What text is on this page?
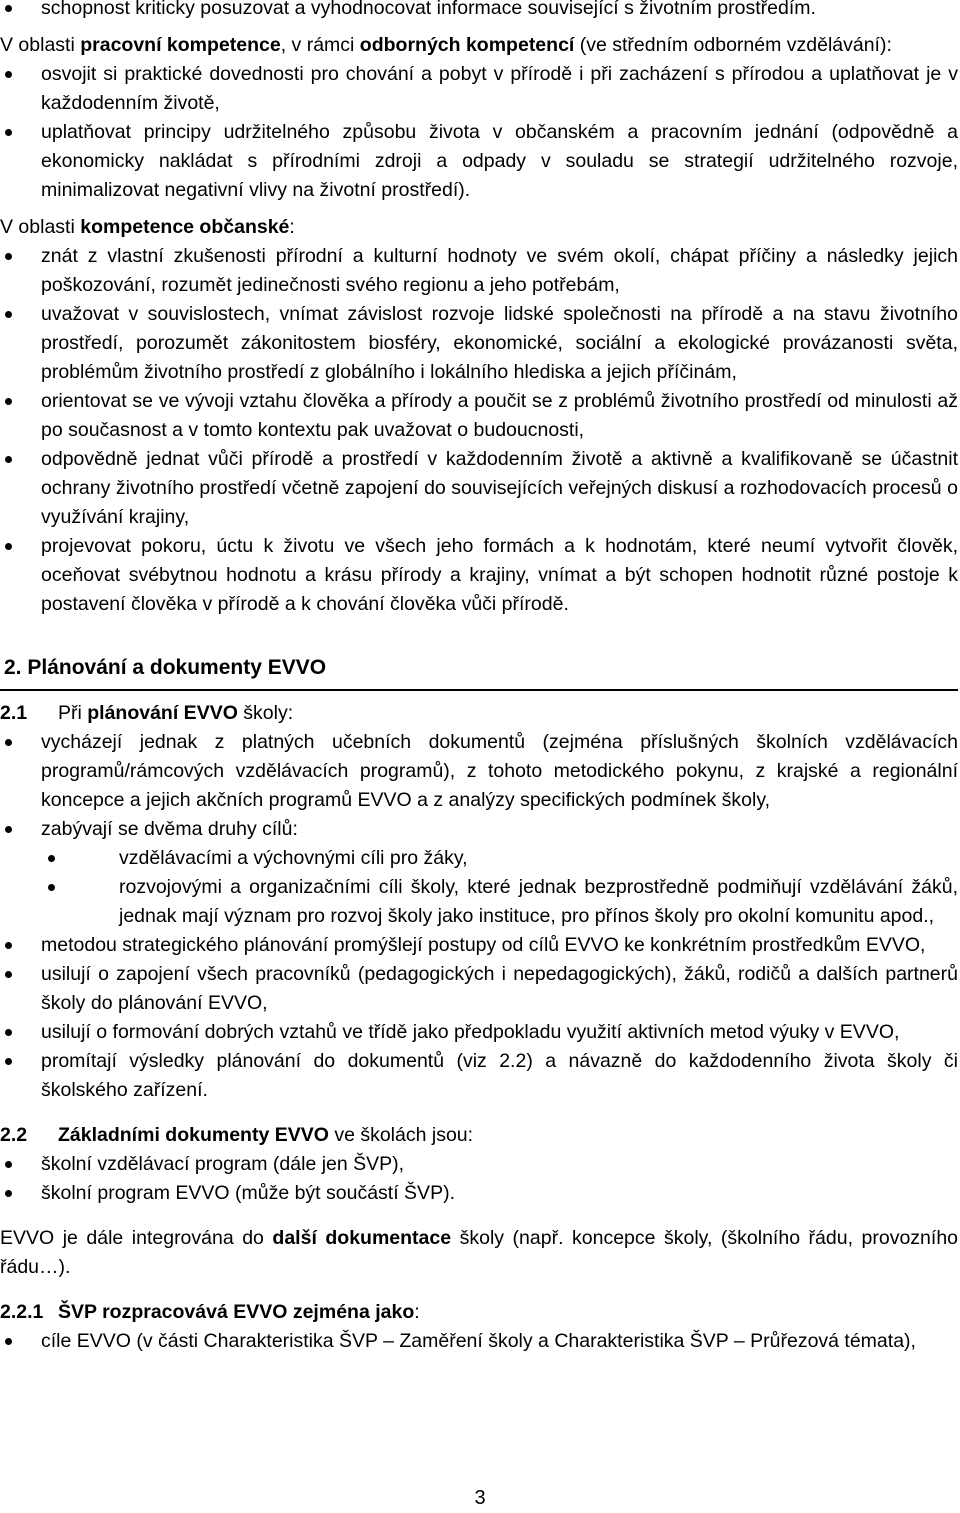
schopnost kriticky posuzovat a vyhodnocovat informace související s životním prostředím.

V oblasti pracovní kompetence, v rámci odborných kompetencí (ve středním odborném vzdělávání):

osvojit si praktické dovednosti pro chování a pobyt v přírodě i při zacházení s přírodou a uplatňovat je v každodenním životě,
uplatňovat principy udržitelného způsobu života v občanském a pracovním jednání (odpovědně a ekonomicky nakládat s přírodními zdroji a odpady v souladu se strategií udržitelného rozvoje, minimalizovat negativní vlivy na životní prostředí).

V oblasti kompetence občanské:

znát z vlastní zkušenosti přírodní a kulturní hodnoty ve svém okolí, chápat příčiny a následky jejich poškozování, rozumět jedinečnosti svého regionu a jeho potřebám,
uvažovat v souvislostech, vnímat závislost rozvoje lidské společnosti na přírodě a na stavu životního prostředí, porozumět zákonitostem biosféry, ekonomické, sociální a ekologické provázanosti světa, problémům životního prostředí z globálního i lokálního hlediska a jejich příčinám,
orientovat se ve vývoji vztahu člověka a přírody a poučit se z problémů životního prostředí od minulosti až po současnost a v tomto kontextu pak uvažovat o budoucnosti,
odpovědně jednat vůči přírodě a prostředí v každodenním životě a aktivně a kvalifikovaně se účastnit ochrany životního prostředí včetně zapojení do souvisejících veřejných diskusí a rozhodovacích procesů o využívání krajiny,
projevovat pokoru, úctu k životu ve všech jeho formách a k hodnotám, které neumí vytvořit člověk, oceňovat svébytnou hodnotu a krásu přírody a krajiny, vnímat a být schopen hodnotit různé postoje k postavení člověka v přírodě a k chování člověka vůči přírodě.
2. Plánování a dokumenty EVVO

2.1 Při plánování EVVO školy:

vycházejí jednak z platných učebních dokumentů (zejména příslušných školních vzdělávacích programů/rámcových vzdělávacích programů), z tohoto metodického pokynu, z krajské a regionální koncepce a jejich akčních programů EVVO a z analýzy specifických podmínek školy,
zabývají se dvěma druhy cílů:
vzdělávacími a výchovnými cíli pro žáky,
rozvojovými a organizačními cíli školy, které jednak bezprostředně podmiňují vzdělávání žáků, jednak mají význam pro rozvoj školy jako instituce, pro přínos školy pro okolní komunitu apod.,
metodou strategického plánování promýšlejí postupy od cílů EVVO ke konkrétním prostředkům EVVO,
usilují o zapojení všech pracovníků (pedagogických i nepedagogických), žáků, rodičů a dalších partnerů školy do plánování EVVO,
usilují o formování dobrých vztahů ve třídě jako předpokladu využití aktivních metod výuky v EVVO,
promítají výsledky plánování do dokumentů (viz 2.2) a návazně do každodenního života školy či školského zařízení.

2.2 Základními dokumenty EVVO ve školách jsou:

školní vzdělávací program (dále jen ŠVP),
školní program EVVO (může být součástí ŠVP).

EVVO je dále integrována do další dokumentace školy (např. koncepce školy, (školního řádu, provozního řádu…).

2.2.1 ŠVP rozpracovává EVVO zejména jako:

cíle EVVO (v části Charakteristika ŠVP – Zaměření školy a Charakteristika ŠVP – Průřezová témata),
3
